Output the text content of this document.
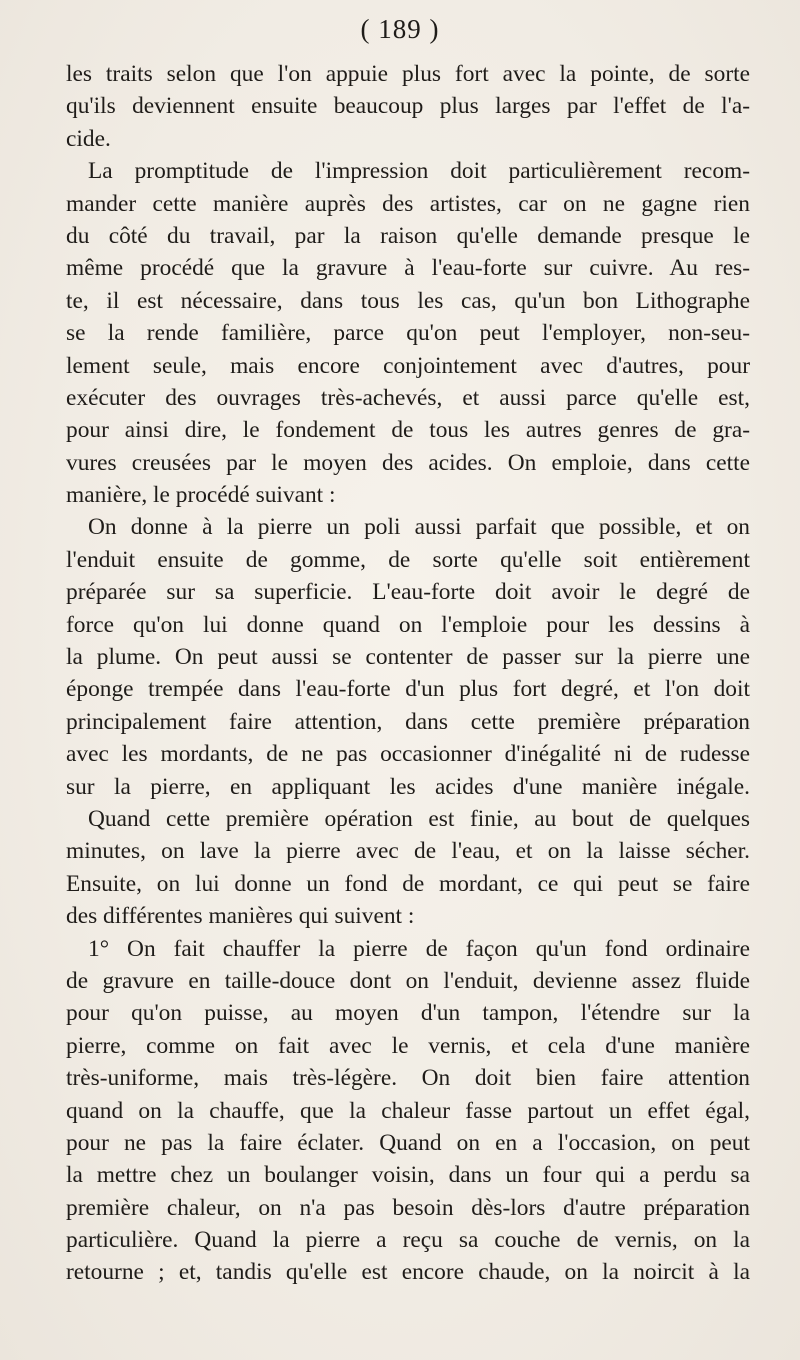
( 189 )
les traits selon que l'on appuie plus fort avec la pointe, de sorte
qu'ils deviennent ensuite beaucoup plus larges par l'effet de l'a-
cide.
La promptitude de l'impression doit particulièrement recom-
mander cette manière auprès des artistes, car on ne gagne rien
du côté du travail, par la raison qu'elle demande presque le
même procédé que la gravure à l'eau-forte sur cuivre. Au res-
te, il est nécessaire, dans tous les cas, qu'un bon Lithographe
se la rende familière, parce qu'on peut l'employer, non-seu-
lement seule, mais encore conjointement avec d'autres, pour
exécuter des ouvrages très-achevés, et aussi parce qu'elle est,
pour ainsi dire, le fondement de tous les autres genres de gra-
vures creusées par le moyen des acides. On emploie, dans cette
manière, le procédé suivant :
On donne à la pierre un poli aussi parfait que possible, et on
l'enduit ensuite de gomme, de sorte qu'elle soit entièrement
préparée sur sa superficie. L'eau-forte doit avoir le degré de
force qu'on lui donne quand on l'emploie pour les dessins à
la plume. On peut aussi se contenter de passer sur la pierre une
éponge trempée dans l'eau-forte d'un plus fort degré, et l'on doit
principalement faire attention, dans cette première préparation
avec les mordants, de ne pas occasionner d'inégalité ni de rudesse
sur la pierre, en appliquant les acides d'une manière inégale.
Quand cette première opération est finie, au bout de quelques
minutes, on lave la pierre avec de l'eau, et on la laisse sécher.
Ensuite, on lui donne un fond de mordant, ce qui peut se faire
des différentes manières qui suivent :
1° On fait chauffer la pierre de façon qu'un fond ordinaire
de gravure en taille-douce dont on l'enduit, devienne assez fluide
pour qu'on puisse, au moyen d'un tampon, l'étendre sur la
pierre, comme on fait avec le vernis, et cela d'une manière
très-uniforme, mais très-légère. On doit bien faire attention
quand on la chauffe, que la chaleur fasse partout un effet égal,
pour ne pas la faire éclater. Quand on en a l'occasion, on peut
la mettre chez un boulanger voisin, dans un four qui a perdu sa
première chaleur, on n'a pas besoin dès-lors d'autre préparation
particulière. Quand la pierre a reçu sa couche de vernis, on la
retourne ; et, tandis qu'elle est encore chaude, on la noircit à la
